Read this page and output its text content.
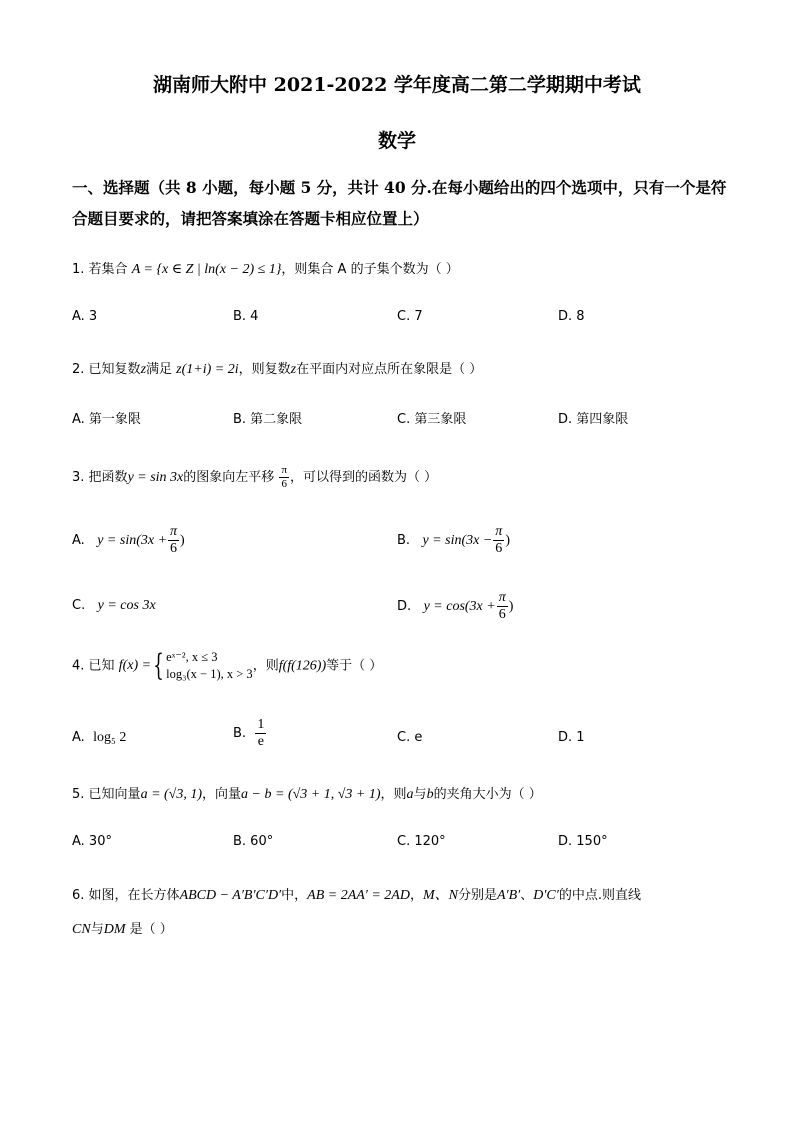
湖南师大附中 2021-2022 学年度高二第二学期期中考试
数学
一、选择题（共 8 小题，每小题 5 分，共计 40 分.在每小题给出的四个选项中，只有一个是符合题目要求的，请把答案填涂在答题卡相应位置上）
1. 若集合 A = {x ∈ Z | ln(x − 2) ≤ 1}，则集合 A 的子集个数为（ ）
A. 3	B. 4	C. 7	D. 8
2. 已知复数z满足 z(1+i) = 2i，则复数z在平面内对应点所在象限是（ ）
A. 第一象限	B. 第二象限	C. 第三象限	D. 第四象限
3. 把函数y = sin 3x的图象向左平移 $\frac{\pi}{6}$ ，可以得到的函数为（ ）
A. $y = \sin(3x + \frac{\pi}{6}$ )	B. $y = \sin(3x - \frac{\pi}{6}$ )
C. y = cos 3x	D. $y = \cos(3x + \frac{\pi}{6}$ )
4. 已知 f(x) = { eˣ⁻², x ≤ 3
log₃(x − 1), x > 3
，则f(f(126))等于（ ）
A. log₅ 2	B. $\frac{1}{e}$	C. e	D. 1
5. 已知向量a = (√3, 1)，向量a − b = (√3 + 1, √3 + 1)，则a与b的夹角大小为（ ）
A. 30°	B. 60°	C. 120°	D. 150°
6. 如图，在长方体ABCD − A′B′C′D′中，AB = 2AA′ = 2AD，M、N分别是A′B′、D′C′的中点.则直线
CN与DM 是（ ）
